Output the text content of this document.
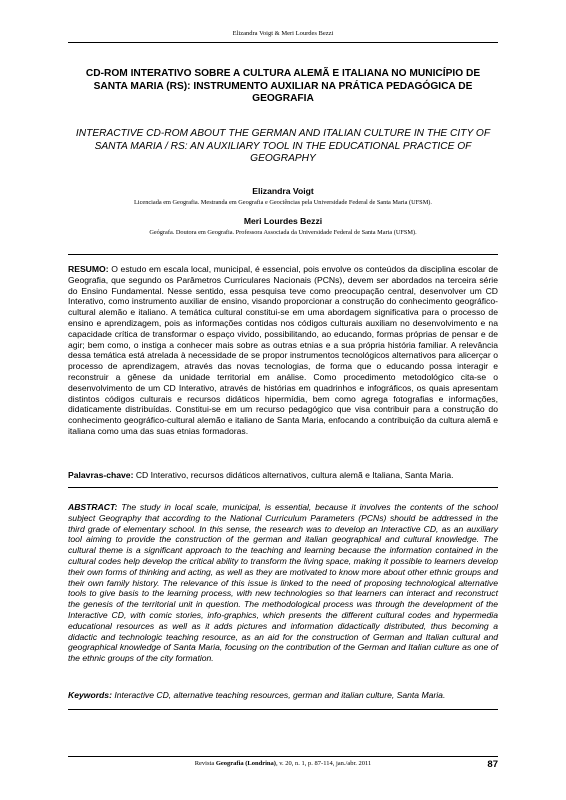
Elizandra Voigt & Meri Lourdes Bezzi
CD-ROM INTERATIVO SOBRE A CULTURA ALEMÃ E ITALIANA NO MUNICÍPIO DE SANTA MARIA (RS): INSTRUMENTO AUXILIAR NA PRÁTICA PEDAGÓGICA DE GEOGRAFIA
INTERACTIVE CD-ROM ABOUT THE GERMAN AND ITALIAN CULTURE IN THE CITY OF SANTA MARIA / RS: AN AUXILIARY TOOL IN THE EDUCATIONAL PRACTICE OF GEOGRAPHY
Elizandra Voigt
Licenciada em Geografia. Mestranda em Geografia e Geociências pela Universidade Federal de Santa Maria (UFSM).
Meri Lourdes Bezzi
Geógrafa. Doutora em Geografia. Professora Associada da Universidade Federal de Santa Maria (UFSM).

RESUMO: O estudo em escala local, municipal, é essencial, pois envolve os conteúdos da disciplina escolar de Geografia, que segundo os Parâmetros Curriculares Nacionais (PCNs), devem ser abordados na terceira série do Ensino Fundamental. Nesse sentido, essa pesquisa teve como preocupação central, desenvolver um CD Interativo, como instrumento auxiliar de ensino, visando proporcionar a construção do conhecimento geográfico-cultural alemão e italiano. A temática cultural constitui-se em uma abordagem significativa para o processo de ensino e aprendizagem, pois as informações contidas nos códigos culturais auxiliam no desenvolvimento e na capacidade crítica de transformar o espaço vivido, possibilitando, ao educando, formas próprias de pensar e de agir; bem como, o instiga a conhecer mais sobre as outras etnias e a sua própria história familiar. A relevância dessa temática está atrelada à necessidade de se propor instrumentos tecnológicos alternativos para alicerçar o processo de aprendizagem, através das novas tecnologias, de forma que o educando possa interagir e reconstruir a gênese da unidade territorial em análise. Como procedimento metodológico cita-se o desenvolvimento de um CD Interativo, através de histórias em quadrinhos e infográficos, os quais apresentam distintos códigos culturais e recursos didáticos hipermídia, bem como agrega fotografias e informações, didaticamente distribuídas. Constitui-se em um recurso pedagógico que visa contribuir para a construção do conhecimento geográfico-cultural alemão e italiano de Santa Maria, enfocando a contribuição da cultura alemã e italiana como uma das suas etnias formadoras.

Palavras-chave: CD Interativo, recursos didáticos alternativos, cultura alemã e Italiana, Santa Maria.

ABSTRACT: The study in local scale, municipal, is essential, because it involves the contents of the school subject Geography that according to the National Curriculum Parameters (PCNs) should be addressed in the third grade of elementary school. In this sense, the research was to develop an Interactive CD, as an auxiliary tool aiming to provide the construction of the german and italian geographical and cultural knowledge. The cultural theme is a significant approach to the teaching and learning because the information contained in the cultural codes help develop the critical ability to transform the living space, making it possible to learners develop their own forms of thinking and acting, as well as they are motivated to know more about other ethnic groups and their own family history. The relevance of this issue is linked to the need of proposing technological alternative tools to give basis to the learning process, with new technologies so that learners can interact and reconstruct the genesis of the territorial unit in question. The methodological process was through the development of the Interactive CD, with comic stories, info-graphics, which presents the different cultural codes and hypermedia educational resources as well as it adds pictures and information didactically distributed, thus becoming a didactic and technologic teaching resource, as an aid for the construction of German and Italian cultural and geographical knowledge of Santa Maria, focusing on the contribution of the German and Italian culture as one of the ethnic groups of the city formation.

Keywords: Interactive CD, alternative teaching resources, german and italian culture, Santa Maria.

Revista Geografia (Londrina), v. 20, n. 1, p. 87-114, jan./abr. 2011	87
